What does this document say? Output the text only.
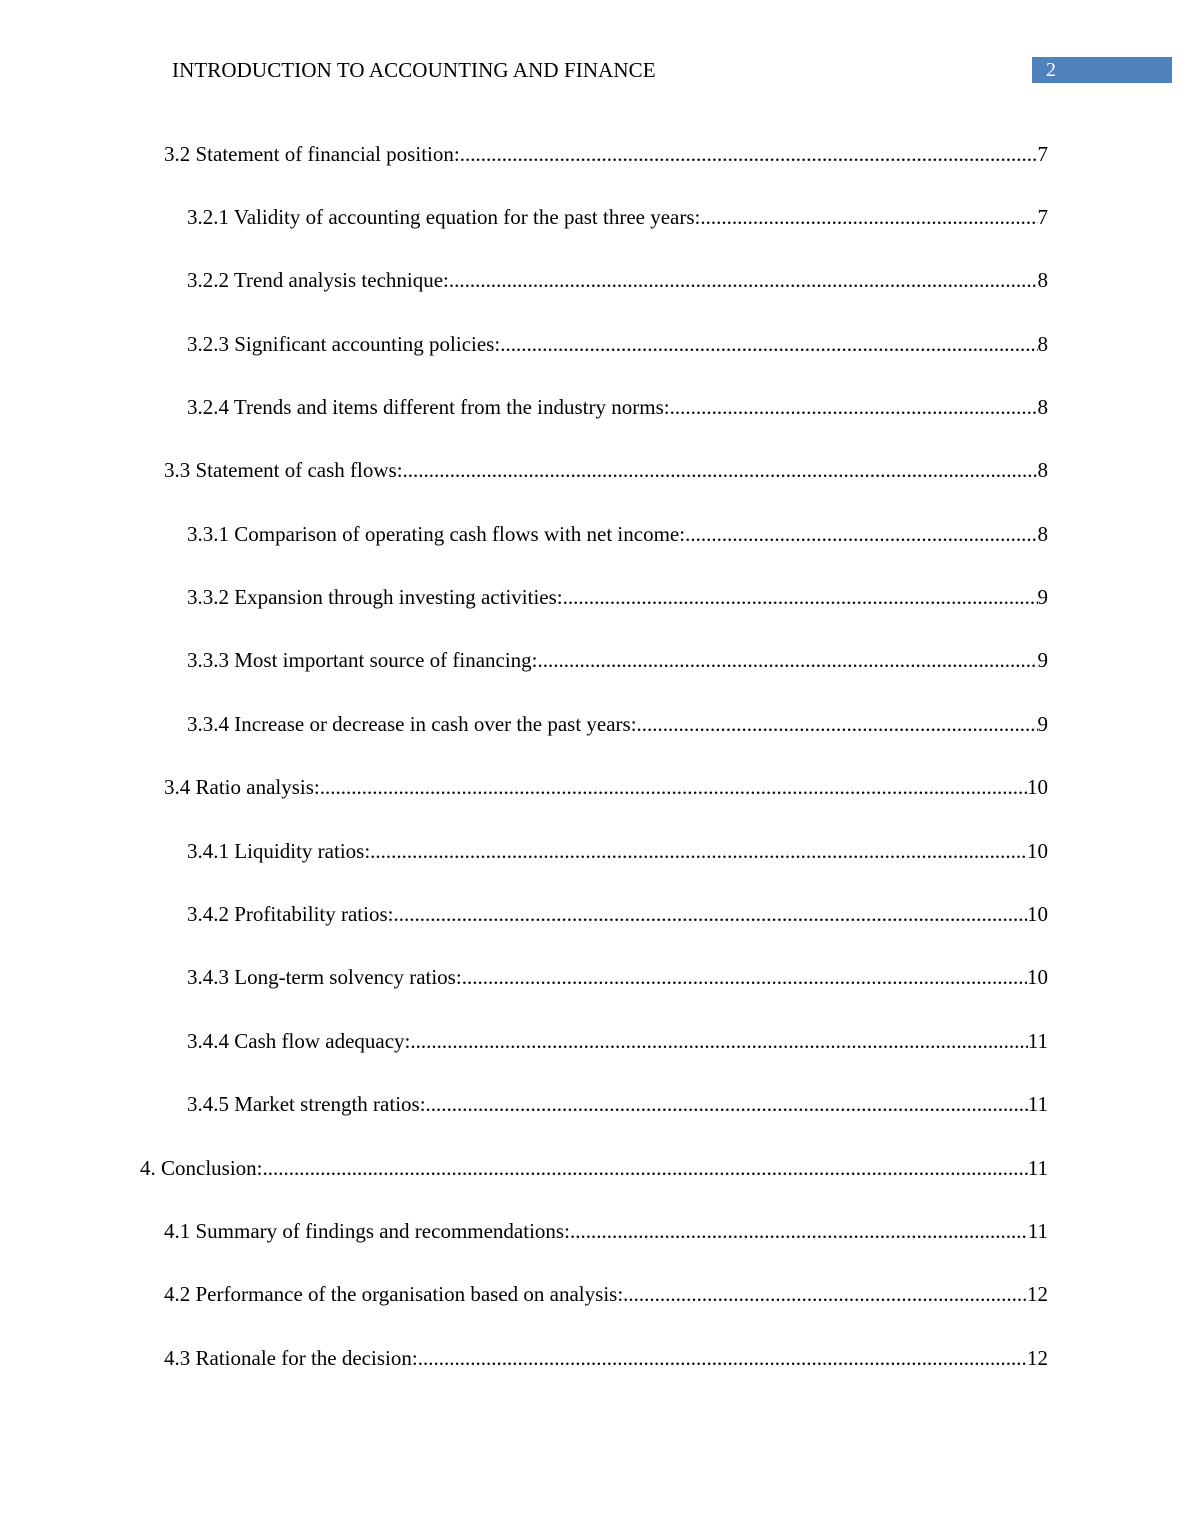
INTRODUCTION TO ACCOUNTING AND FINANCE	2
3.2 Statement of financial position: .....	7
3.2.1 Validity of accounting equation for the past three years: .....	7
3.2.2 Trend analysis technique: .....	8
3.2.3 Significant accounting policies: .....	8
3.2.4 Trends and items different from the industry norms: .....	8
3.3 Statement of cash flows: .....	8
3.3.1 Comparison of operating cash flows with net income: .....	8
3.3.2 Expansion through investing activities: .....	9
3.3.3 Most important source of financing: .....	9
3.3.4 Increase or decrease in cash over the past years: .....	9
3.4 Ratio analysis: .....	10
3.4.1 Liquidity ratios: .....	10
3.4.2 Profitability ratios: .....	10
3.4.3 Long-term solvency ratios: .....	10
3.4.4 Cash flow adequacy: .....	11
3.4.5 Market strength ratios: .....	11
4. Conclusion: .....	11
4.1 Summary of findings and recommendations: .....	11
4.2 Performance of the organisation based on analysis: .....	12
4.3 Rationale for the decision: .....	12
